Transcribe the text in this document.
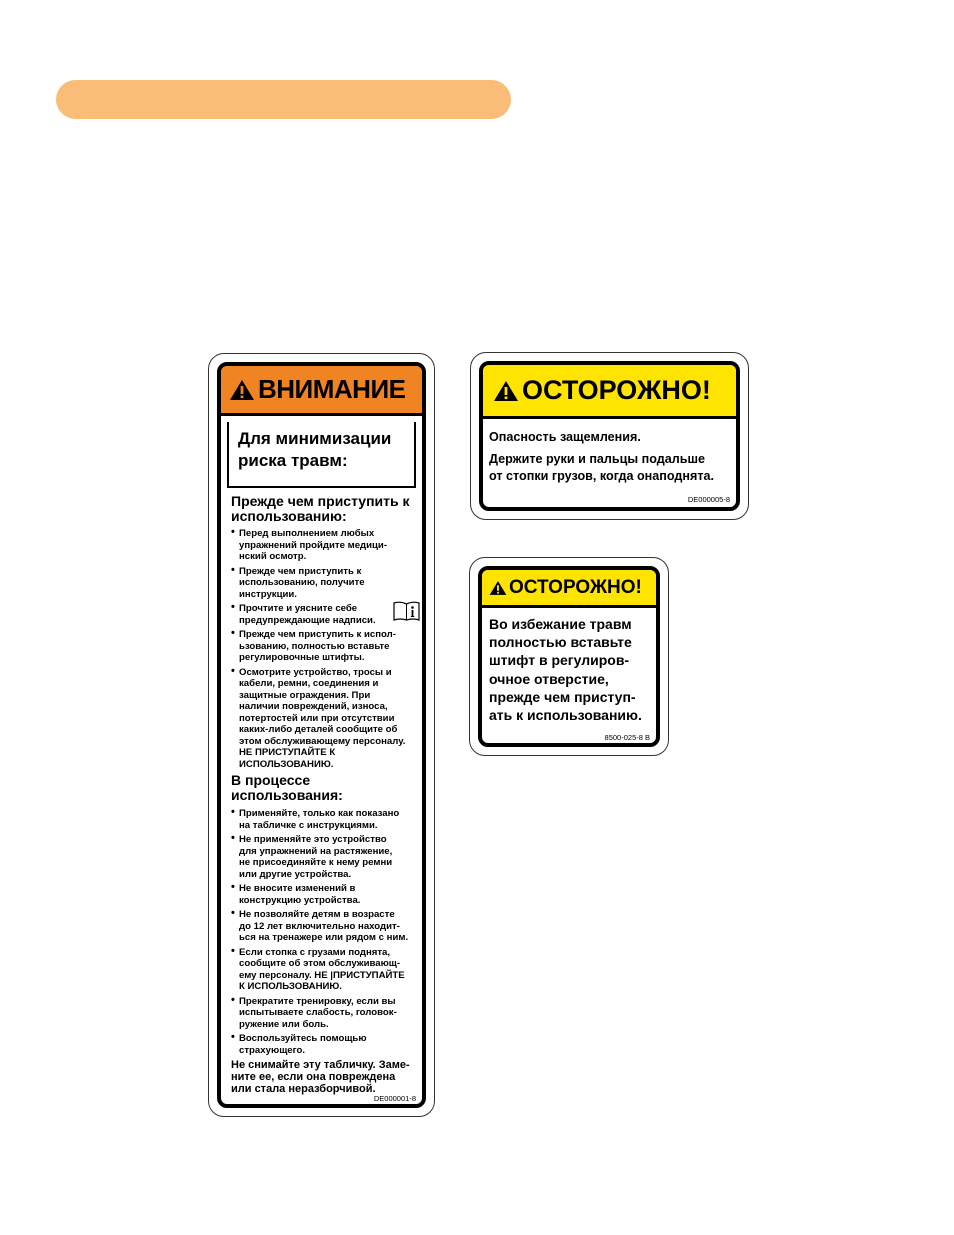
ВНИМАНИЕ
Для минимизации
риска травм:
Прежде чем приступить к
использованию:
• Перед выполнением любых
упражнений пройдите медици-
нский осмотр.
• Прежде чем приступить к
использованию, получите
инструкции.
• Прочтите и уясните себе
предупреждающие надписи.
• Прежде чем приступить к испол-
ьзованию, полностью вставьте
регулировочные штифты.
• Осмотрите устройство, тросы и
кабели, ремни, соединения и
защитные ограждения. При
наличии повреждений, износа,
потертостей или при отсутствии
каких-либо деталей сообщите об
этом обслуживающему персоналу.
НЕ ПРИСТУПАЙТЕ К
ИСПОЛЬЗОВАНИЮ.
В процессе
использования:
• Применяйте, только как показано
на табличке с инструкциями.
• Не применяйте это устройство
для упражнений на растяжение,
не присоединяйте к нему ремни
или другие устройства.
• Не вносите изменений в
конструкцию устройства.
• Не позволяйте детям в возрасте
до 12 лет включительно находит-
ься на тренажере или рядом с ним.
• Если стопка с грузами поднята,
сообщите об этом обслуживающ-
ему персоналу. НЕ |ПРИСТУПАЙТЕ
К ИСПОЛЬЗОВАНИЮ.
• Прекратите тренировку, если вы
испытываете слабость, головок-
ружение или боль.
• Воспользуйтесь помощью
страхующего.
Не снимайте эту табличку. Заме-
ните ее, если она повреждена
или стала неразборчивой.
DE000001-8
ОСТОРОЖНО!

Опасность защемления.

Держите руки и пальцы подальше
от стопки грузов, когда онаподнята.

DE000005-8
ОСТОРОЖНО!
Во избежание травм
полностью вставьте
штифт в регулиров-
очное отверстие,
прежде чем приступ-
ать к использованию.
8500-025-8 B
